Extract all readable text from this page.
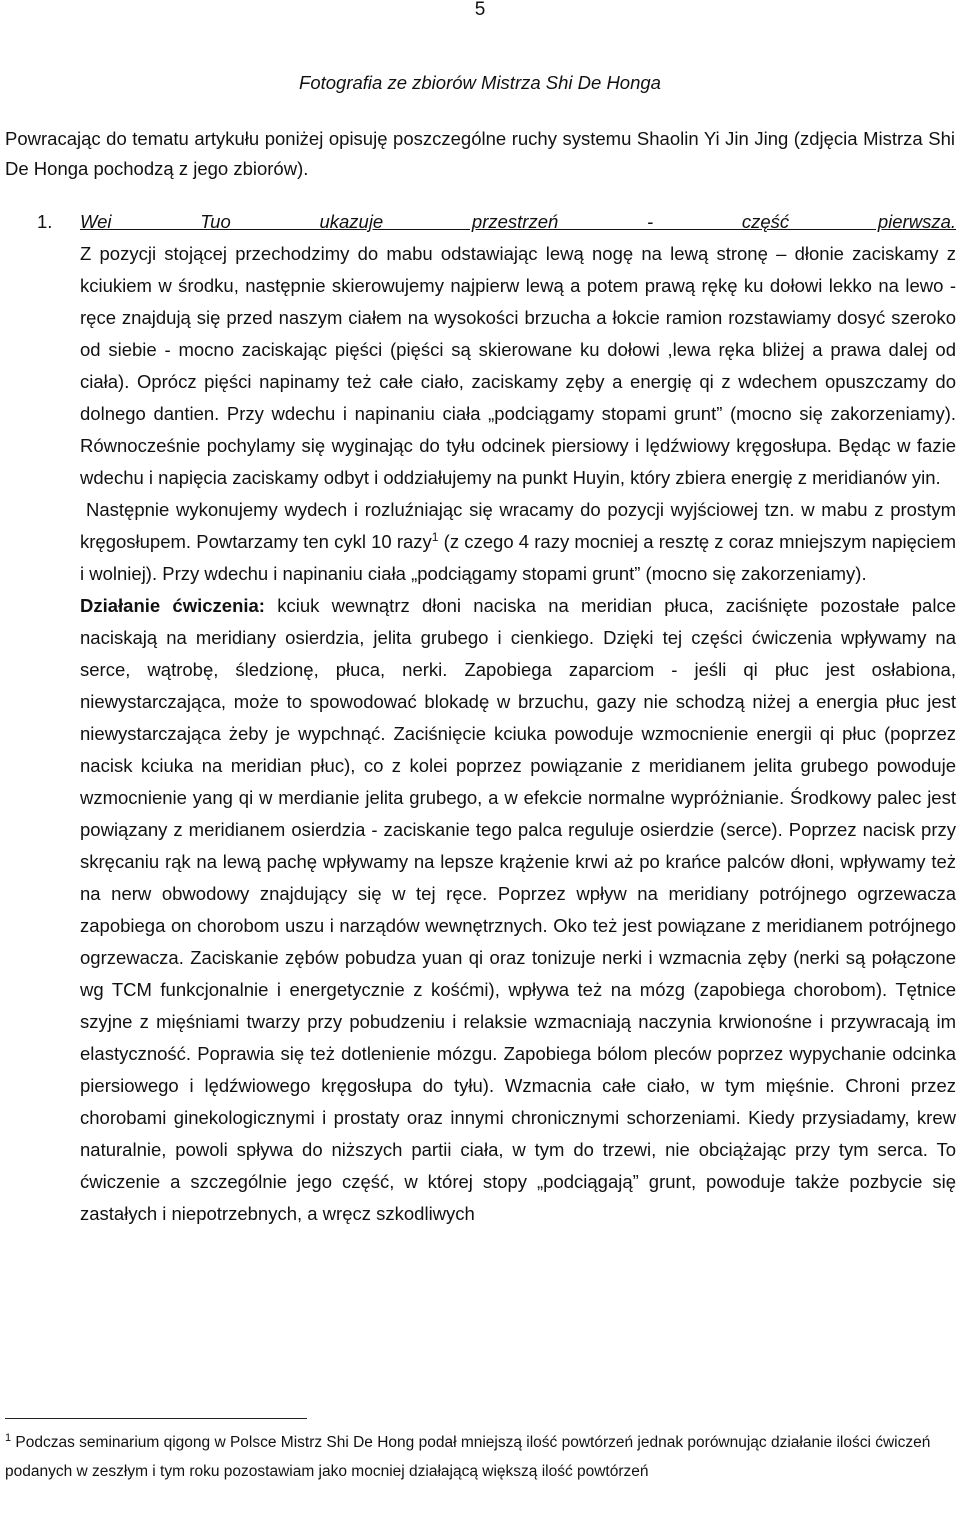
5
Fotografia ze zbiorów Mistrza Shi De Honga

Powracając do tematu artykułu poniżej opisuję poszczególne ruchy systemu Shaolin Yi Jin Jing (zdjęcia Mistrza Shi De Honga pochodzą z jego zbiorów).

1. Wei Tuo ukazuje przestrzeń - część pierwsza.

Z pozycji stojącej przechodzimy do mabu odstawiając lewą nogę na lewą stronę – dłonie zaciskamy z kciukiem w środku, następnie skierowujemy najpierw lewą a potem prawą rękę ku dołowi lekko na lewo - ręce znajdują się przed naszym ciałem na wysokości brzucha a łokcie ramion rozstawiamy dosyć szeroko od siebie - mocno zaciskając pięści (pięści są skierowane ku dołowi ,lewa ręka bliżej a prawa dalej od ciała). Oprócz pięści napinamy też całe ciało, zaciskamy zęby a energię qi z wdechem opuszczamy do dolnego dantien. Przy wdechu i napinaniu ciała „podciągamy stopami grunt” (mocno się zakorzeniamy). Równocześnie pochylamy się wyginając do tyłu odcinek piersiowy i lędźwiowy kręgosłupa. Będąc w fazie wdechu i napięcia zaciskamy odbyt i oddziałujemy na punkt Huyin, który zbiera energię z meridianów yin.

Następnie wykonujemy wydech i rozluźniając się wracamy do pozycji wyjściowej tzn. w mabu z prostym kręgosłupem. Powtarzamy ten cykl 10 razy$^1$ (z czego 4 razy mocniej a resztę z coraz mniejszym napięciem i wolniej). Przy wdechu i napinaniu ciała „podciągamy stopami grunt” (mocno się zakorzeniamy).

Działanie ćwiczenia: kciuk wewnątrz dłoni naciska na meridian płuca, zaciśnięte pozostałe palce naciskają na meridiany osierdzia, jelita grubego i cienkiego. Dzięki tej części ćwiczenia wpływamy na serce, wątrobę, śledzionę, płuca, nerki. Zapobiega zaparciom - jeśli qi płuc jest osłabiona, niewystarczająca, może to spowodować blokadę w brzuchu, gazy nie schodzą niżej a energia płuc jest niewystarczająca żeby je wypchnąć. Zaciśnięcie kciuka powoduje wzmocnienie energii qi płuc (poprzez nacisk kciuka na meridian płuc), co z kolei poprzez powiązanie z meridianem jelita grubego powoduje wzmocnienie yang qi w merdianie jelita grubego, a w efekcie normalne wypróżnianie. Środkowy palec jest powiązany z meridianem osierdzia - zaciskanie tego palca reguluje osierdzie (serce). Poprzez nacisk przy skręcaniu rąk na lewą pachę wpływamy na lepsze krążenie krwi aż po krańce palców dłoni, wpływamy też na nerw obwodowy znajdujący się w tej ręce. Poprzez wpływ na meridiany potrójnego ogrzewacza zapobiega on chorobom uszu i narządów wewnętrznych. Oko też jest powiązane z meridianem potrójnego ogrzewacza. Zaciskanie zębów pobudza yuan qi oraz tonizuje nerki i wzmacnia zęby (nerki są połączone wg TCM funkcjonalnie i energetycznie z kośćmi), wpływa też na mózg (zapobiega chorobom). Tętnice szyjne z mięśniami twarzy przy pobudzeniu i relaksie wzmacniają naczynia krwionośne i przywracają im elastyczność. Poprawia się też dotlenienie mózgu. Zapobiega bólom pleców poprzez wypychanie odcinka piersiowego i lędźwiowego kręgosłupa do tyłu). Wzmacnia całe ciało, w tym mięśnie. Chroni przez chorobami ginekologicznymi i prostaty oraz innymi chronicznymi schorzeniami. Kiedy przysiadamy, krew naturalnie, powoli spływa do niższych partii ciała, w tym do trzewi, nie obciążając przy tym serca. To ćwiczenie a szczególnie jego część, w której stopy „podciągają” grunt, powoduje także pozbycie się zastałych i niepotrzebnych, a wręcz szkodliwych

$^1$ Podczas seminarium qigong w Polsce Mistrz Shi De Hong podał mniejszą ilość powtórzeń jednak porównując działanie ilości ćwiczeń podanych w zeszłym i tym roku pozostawiam jako mocniej działającą większą ilość powtórzeń
